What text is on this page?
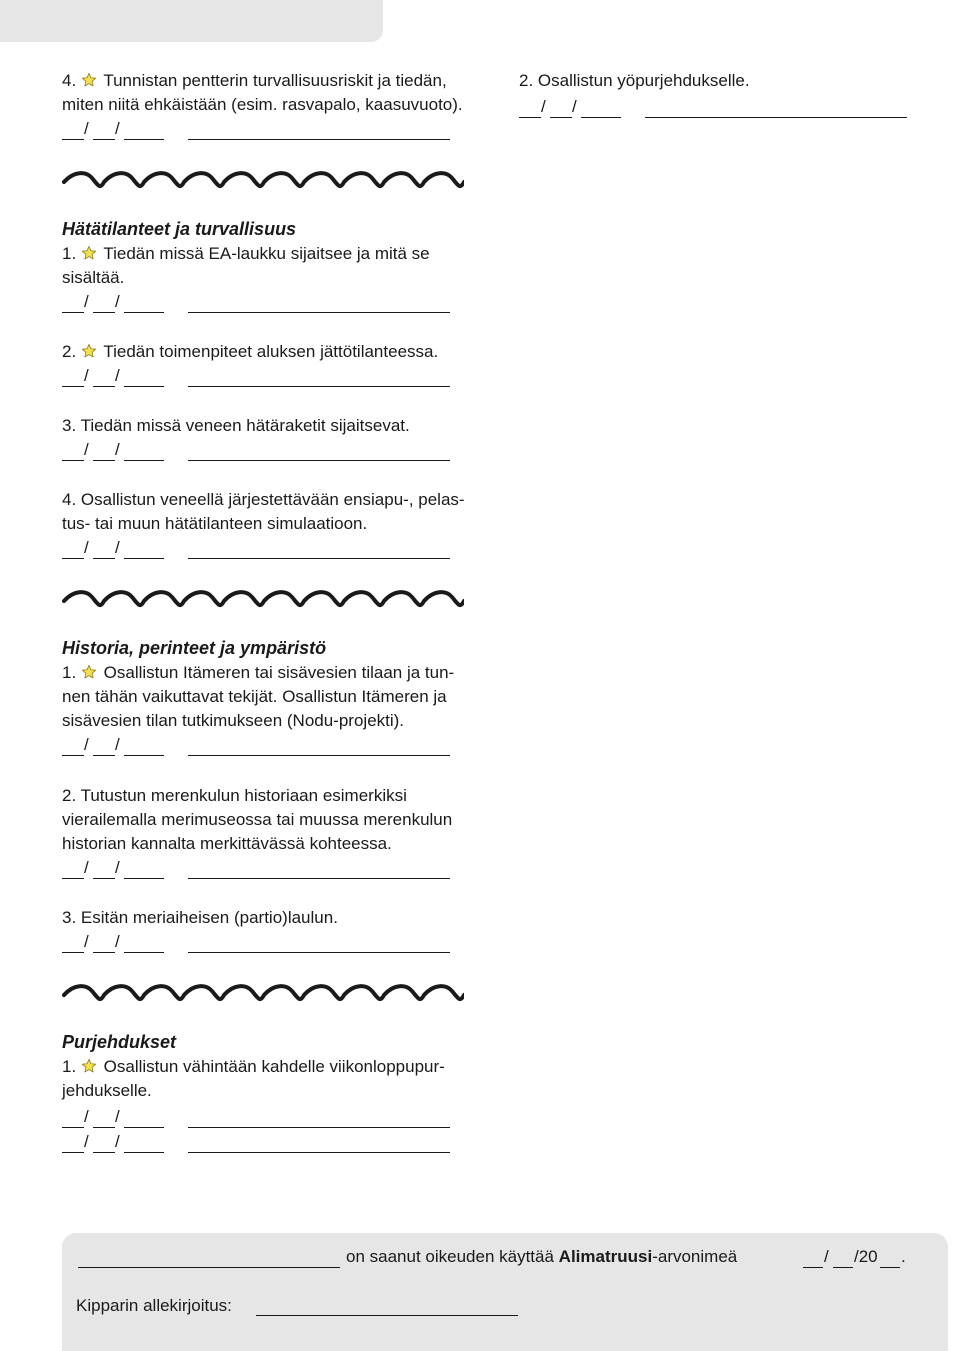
4. Tunnistan pentterin turvallisuusriskit ja tiedän,
miten niitä ehkäistään (esim. rasvapalo, kaasuvuoto).
/ /
Hätätilanteet ja turvallisuus
1. Tiedän missä EA-laukku sijaitsee ja mitä se
sisältää.
/ /
2. Tiedän toimenpiteet aluksen jättötilanteessa.
/ /
3. Tiedän missä veneen hätäraketit sijaitsevat.
/ /
4. Osallistun veneellä järjestettävään ensiapu-, pelas-
tus- tai muun hätätilanteen simulaatioon.
/ /
Historia, perinteet ja ympäristö
1. Osallistun Itämeren tai sisävesien tilaan ja tun-
nen tähän vaikuttavat tekijät. Osallistun Itämeren ja
sisävesien tilan tutkimukseen (Nodu-projekti).
/ /
2. Tutustun merenkulun historiaan esimerkiksi
vierailemalla merimuseossa tai muussa merenkulun
historian kannalta merkittävässä kohteessa.
/ /
3. Esitän meriaiheisen (partio)laulun.
/ /
Purjehdukset
1. Osallistun vähintään kahdelle viikonloppupur-
jehdukselle.
/ /
/ /
2. Osallistun yöpurjehdukselle.
/ /
on saanut oikeuden käyttää Alimatruusi-arvonimeä	/ /20 .
Kipparin allekirjoitus:
